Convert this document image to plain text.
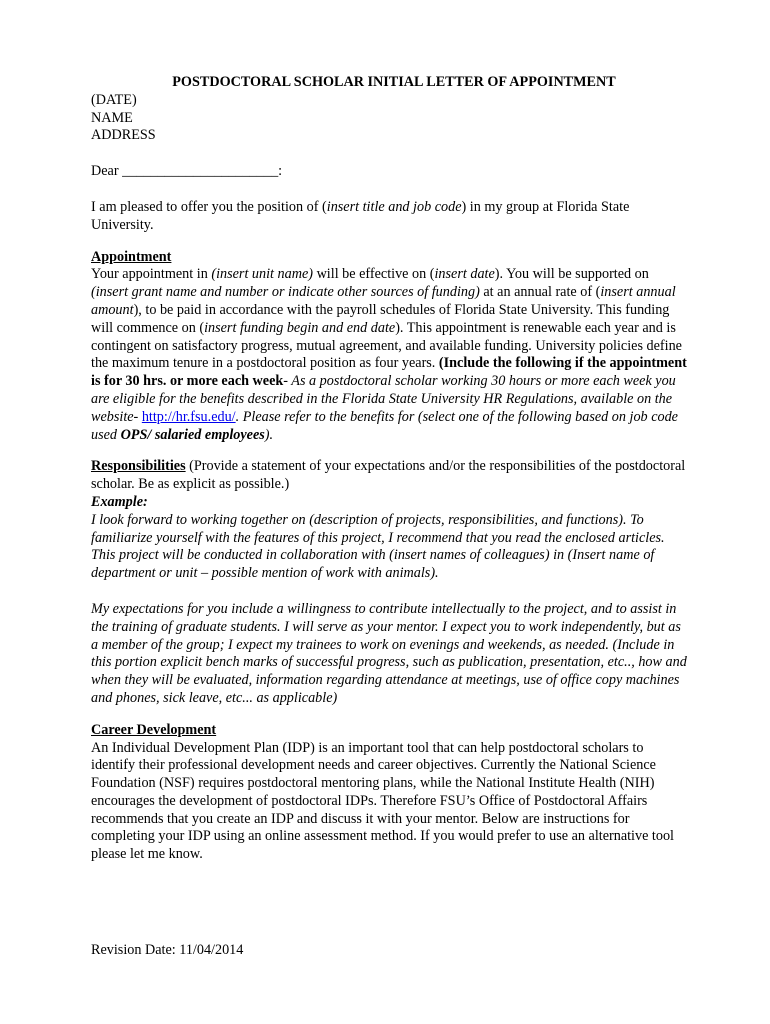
POSTDOCTORAL SCHOLAR INITIAL LETTER OF APPOINTMENT

(DATE)

NAME

ADDRESS

Dear ______________________:

I am pleased to offer you the position of (insert title and job code) in my group at Florida State University.

Appointment

Your appointment in (insert unit name) will be effective on (insert date). You will be supported on (insert grant name and number or indicate other sources of funding) at an annual rate of (insert annual amount), to be paid in accordance with the payroll schedules of Florida State University. This funding will commence on (insert funding begin and end date). This appointment is renewable each year and is contingent on satisfactory progress, mutual agreement, and available funding. University policies define the maximum tenure in a postdoctoral position as four years. (Include the following if the appointment is for 30 hrs. or more each week- As a postdoctoral scholar working 30 hours or more each week you are eligible for the benefits described in the Florida State University HR Regulations, available on the website- http://hr.fsu.edu/. Please refer to the benefits for (select one of the following based on job code used OPS/ salaried employees).

Responsibilities (Provide a statement of your expectations and/or the responsibilities of the postdoctoral scholar. Be as explicit as possible.)

Example:

I look forward to working together on (description of projects, responsibilities, and functions). To familiarize yourself with the features of this project, I recommend that you read the enclosed articles. This project will be conducted in collaboration with (insert names of colleagues) in (Insert name of department or unit – possible mention of work with animals).

My expectations for you include a willingness to contribute intellectually to the project, and to assist in the training of graduate students. I will serve as your mentor. I expect you to work independently, but as a member of the group; I expect my trainees to work on evenings and weekends, as needed. (Include in this portion explicit bench marks of successful progress, such as publication, presentation, etc.., how and when they will be evaluated, information regarding attendance at meetings, use of office copy machines and phones, sick leave, etc... as applicable)

Career Development

An Individual Development Plan (IDP) is an important tool that can help postdoctoral scholars to identify their professional development needs and career objectives. Currently the National Science Foundation (NSF) requires postdoctoral mentoring plans, while the National Institute Health (NIH) encourages the development of postdoctoral IDPs. Therefore FSU’s Office of Postdoctoral Affairs recommends that you create an IDP and discuss it with your mentor. Below are instructions for completing your IDP using an online assessment method. If you would prefer to use an alternative tool please let me know.

Revision Date: 11/04/2014
